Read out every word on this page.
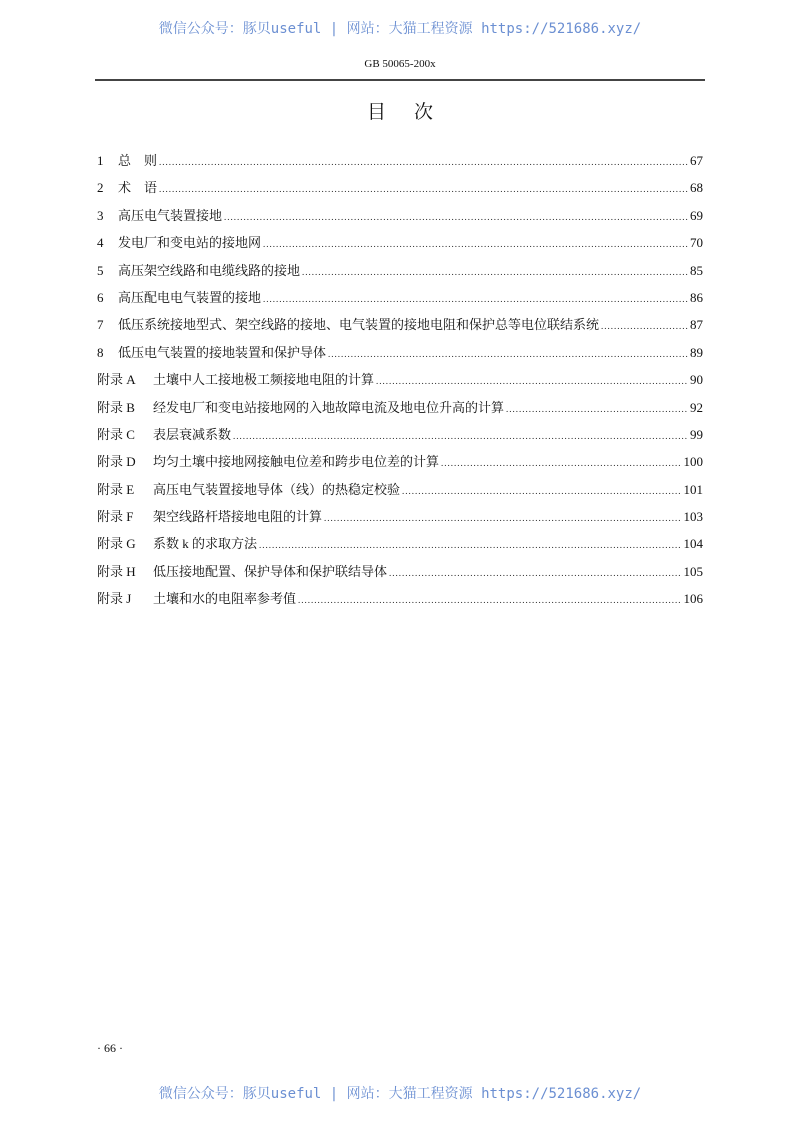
微信公众号：豚贝useful | 网站：大猫工程资源 https://521686.xyz/
GB 50065-200x
目 次
1	总　则 .....	67
2	术　语 .....	68
3	高压电气装置接地 .....	69
4	发电厂和变电站的接地网 .....	70
5	高压架空线路和电缆线路的接地 .....	85
6	高压配电电气装置的接地 .....	86
7	低压系统接地型式、架空线路的接地、电气装置的接地电阻和保护总等电位联结系统 .....	87
8	低压电气装置的接地装置和保护导体 .....	89
附录 A	土壤中人工接地极工频接地电阻的计算 .....	90
附录 B	经发电厂和变电站接地网的入地故障电流及地电位升高的计算 .....	92
附录 C	表层衰减系数 .....	99
附录 D	均匀土壤中接地网接触电位差和跨步电位差的计算 .....	100
附录 E	高压电气装置接地导体（线）的热稳定校验 .....	101
附录 F	架空线路杆塔接地电阻的计算 .....	103
附录 G	系数 k 的求取方法 .....	104
附录 H	低压接地配置、保护导体和保护联结导体 .....	105
附录 J	土壤和水的电阻率参考值 .....	106
· 66 ·
微信公众号：豚贝useful | 网站：大猫工程资源 https://521686.xyz/
